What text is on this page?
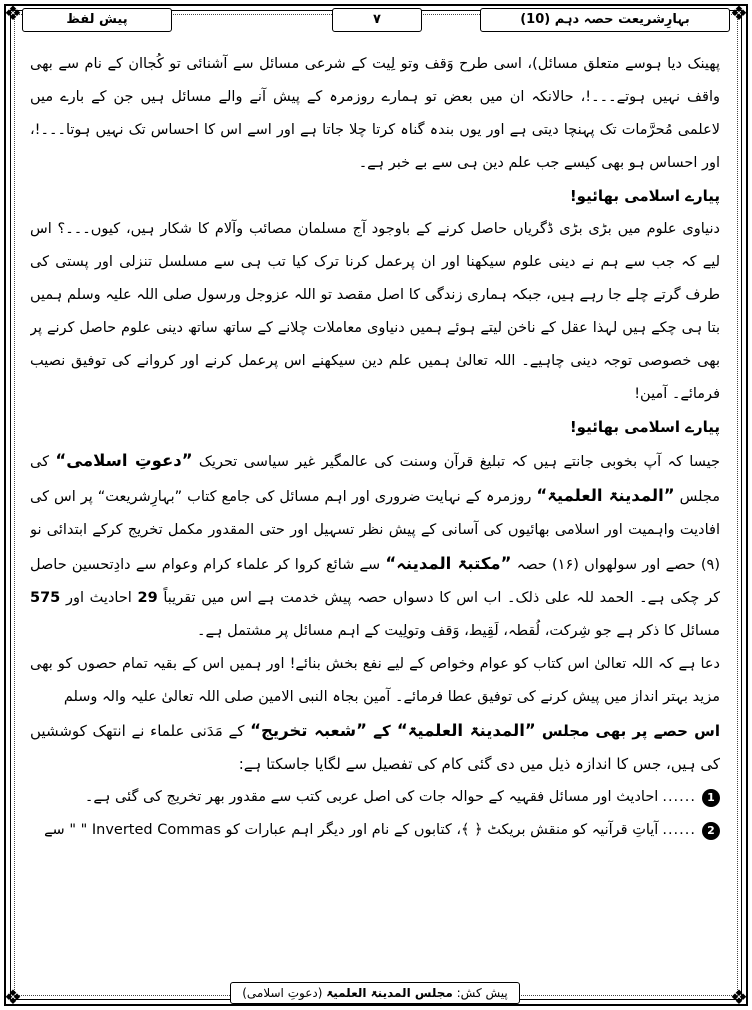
❖	❖
❖	❖
بہارِشریعت حصہ دہم (10)
۷
پیش لفظ

پھینک دیا ہوسے متعلق مسائل)، اسی طرح وَقف وتو لِیت کے شرعی مسائل سے آشنائی تو کُجاان کے نام سے بھی واقف نہیں ہوتے۔۔۔!، حالانکہ ان میں بعض تو ہمارے روزمرہ کے پیش آنے والے مسائل ہیں جن کے بارے میں لاعلمی مُحرَّمات تک پہنچا دیتی ہے اور یوں بندہ گناہ کرتا چلا جاتا ہے اور اسے اس کا احساس تک نہیں ہوتا۔۔۔!، اور احساس ہو بھی کیسے جب علم دین ہی سے بے خبر ہے۔

پیارے اسلامی بھائیو!

دنیاوی علوم میں بڑی بڑی ڈگریاں حاصل کرنے کے باوجود آج مسلمان مصائب وآلام کا شکار ہیں، کیوں۔۔۔؟ اس لیے کہ جب سے ہم نے دینی علوم سیکھنا اور ان پرعمل کرنا ترک کیا تب ہی سے مسلسل تنزلی اور پستی کی طرف گرتے چلے جا رہے ہیں، جبکہ ہماری زندگی کا اصل مقصد تو اللہ عزوجل ورسول صلی اللہ علیہ وسلم ہمیں بتا ہی چکے ہیں لہذا عقل کے ناخن لیتے ہوئے ہمیں دنیاوی معاملات چلانے کے ساتھ ساتھ دینی علوم حاصل کرنے پر بھی خصوصی توجہ دینی چاہیے۔ اللہ تعالیٰ ہمیں علم دین سیکھنے اس پرعمل کرنے اور کروانے کی توفیق نصیب فرمائے۔ آمین!

پیارے اسلامی بھائیو!

جیسا کہ آپ بخوبی جانتے ہیں کہ تبلیغ قرآن وسنت کی عالمگیر غیر سیاسی تحریک ”دعوتِ اسلامی“ کی مجلس ”المدینۃ العلمیۃ“ روزمرہ کے نہایت ضروری اور اہم مسائل کی جامع کتاب ”بہارِشریعت“ پر اس کی افادیت واہمیت اور اسلامی بھائیوں کی آسانی کے پیش نظر تسہیل اور حتی المقدور مکمل تخریج کرکے ابتدائی نو (۹) حصے اور سولھواں (۱۶) حصہ ”مکتبۃ المدینہ“ سے شائع کروا کر علماء کرام وعوام سے دادِتحسین حاصل کر چکی ہے۔ الحمد للہ علی ذلک۔ اب اس کا دسواں حصہ پیش خدمت ہے اس میں تقریباً 29 احادیث اور 575 مسائل کا ذکر ہے جو شِرکت، لُقطہ، لَقِیط، وَقف وتولِیت کے اہم مسائل پر مشتمل ہے۔

دعا ہے کہ اللہ تعالیٰ اس کتاب کو عوام وخواص کے لیے نفع بخش بنائے! اور ہمیں اس کے بقیہ تمام حصوں کو بھی مزید بہتر انداز میں پیش کرنے کی توفیق عطا فرمائے۔ آمین بجاہ النبی الامین صلی اللہ تعالیٰ علیہ والہ وسلم

اس حصے پر بھی مجلس ”المدینۃ العلمیۃ“ کے ”شعبہ تخریج“ کے مَدَنی علماء نے انتھک کوششیں کی ہیں، جس کا اندازہ ذیل میں دی گئی کام کی تفصیل سے لگایا جاسکتا ہے:

1
......
احادیث اور مسائل فقہیہ کے حوالہ جات کی اصل عربی کتب سے مقدور بھر تخریج کی گئی ہے۔
2
......
آیاتِ قرآنیہ کو منقش بریکٹ ﴿ ﴾، کتابوں کے نام اور دیگر اہم عبارات کو Inverted Commas " " سے
پیش کش: مجلس المدینۃ العلمیۃ (دعوتِ اسلامی)
